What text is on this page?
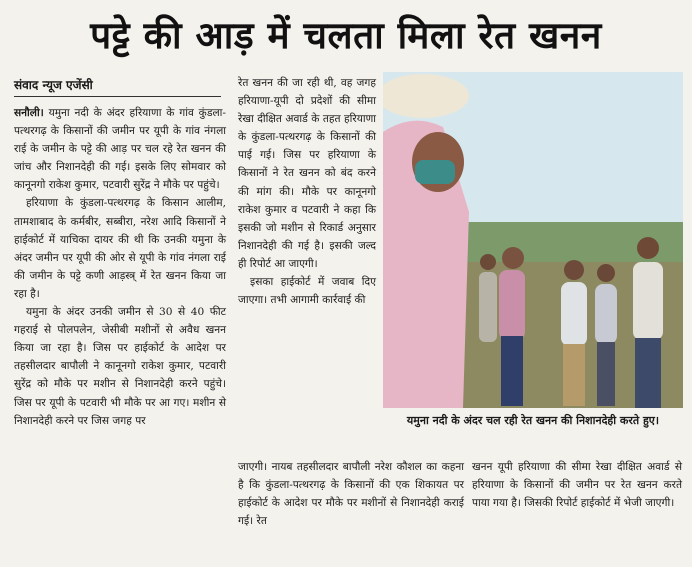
पट्टे की आड़ में चलता मिला रेत खनन
संवाद न्यूज एजेंसी

सनौली। यमुना नदी के अंदर हरियाणा के गांव कुंडला-पत्थरगढ़ के किसानों की जमीन पर यूपी के गांव नंगला राई के जमीन के पट्टे की आड़ पर चल रहे रेत खनन की जांच और निशानदेही की गई। इसके लिए सोमवार को कानूनगो राकेश कुमार, पटवारी सुरेंद्र ने मौके पर पहुंचे।

हरियाणा के कुंडला-पत्थरगढ़ के किसान आलीम, तामशाबाद के कर्मबीर, सब्बीरा, नरेश आदि किसानों ने हाईकोर्ट में याचिका दायर की थी कि उनकी यमुना के अंदर जमीन पर यूपी की ओर से यूपी के गांव नंगला राई की जमीन के पट्टे कणी आड़स्त्र् में रेत खनन किया जा रहा है।

यमुना के अंदर उनकी जमीन से 30 से 40 फीट गहराई से पोलपलेन, जेसीबी मशीनों से अवैध खनन किया जा रहा है। जिस पर हाईकोर्ट के आदेश पर तहसीलदार बापौली ने कानूनगो राकेश कुमार, पटवारी सुरेंद्र को मौके पर मशीन से निशानदेही करने पहुंचे। जिस पर यूपी के पटवारी भी मौके पर आ गए। मशीन से निशानदेही करने पर जिस जगह पर

रेत खनन की जा रही थी, वह जगह हरियाणा-यूपी दो प्रदेशों की सीमा रेखा दीक्षित अवार्ड के तहत हरियाणा के कुंडला-पत्थरगढ़ के किसानों की पाई गई। जिस पर हरियाणा के किसानों ने रेत खनन को बंद करने की मांग की। मौके पर कानूनगो राकेश कुमार व पटवारी ने कहा कि इसकी जो मशीन से रिकार्ड अनुसार निशानदेही की गई है। इसकी जल्द ही रिपोर्ट आ जाएगी।

इसका हाईकोर्ट में जवाब दिए जाएगा। तभी आगामी कार्रवाई की

यमुना नदी के अंदर चल रही रेत खनन की निशानदेही करते हुए।
जाएगी। नायब तहसीलदार बापौली नरेश कौशल का कहना है कि कुंडला-पत्थरगढ़ के किसानों की एक शिकायत पर हाईकोर्ट के आदेश पर मौके पर मशीनों से निशानदेही कराई गई। रेत
खनन यूपी हरियाणा की सीमा रेखा दीक्षित अवार्ड से हरियाणा के किसानों की जमीन पर रेत खनन करते पाया गया है। जिसकी रिपोर्ट हाईकोर्ट में भेजी जाएगी।
